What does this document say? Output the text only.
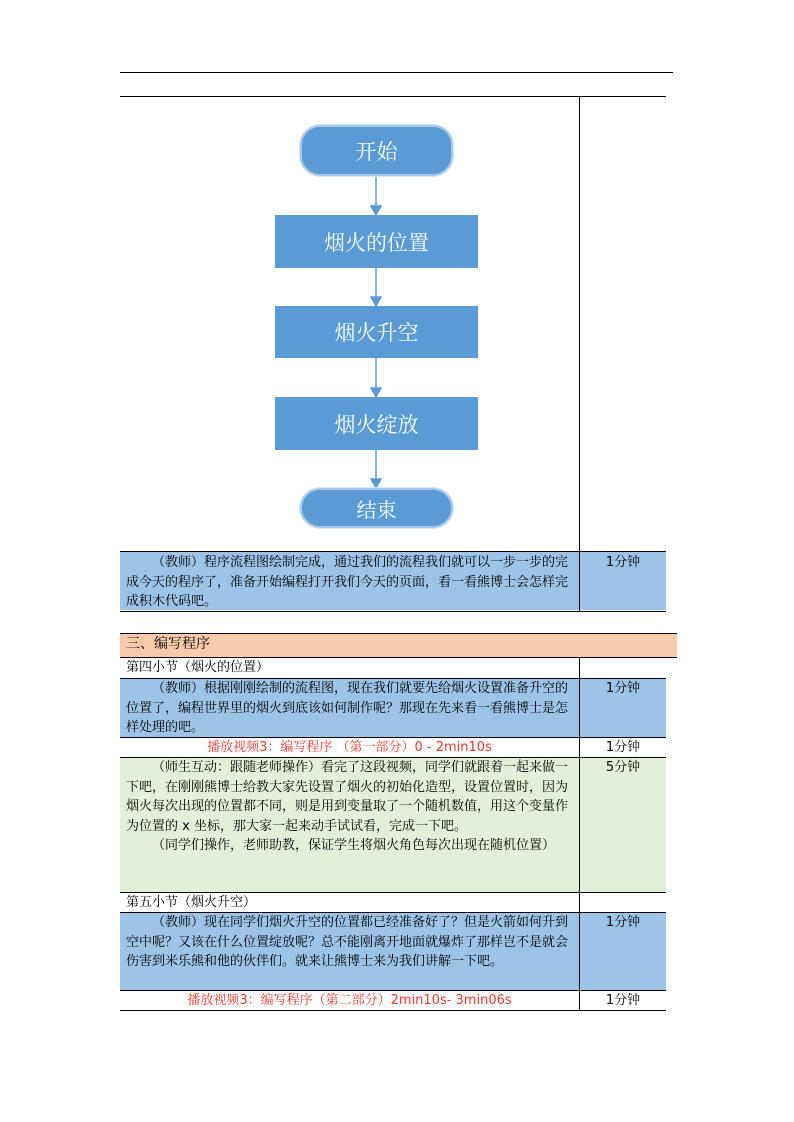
开始
烟火的位置
烟火升空
烟火绽放
结束
（教师）程序流程图绘制完成，通过我们的流程我们就可以一步一步的完成今天的程序了，准备开始编程打开我们今天的页面，看一看熊博士会怎样完成积木代码吧。
1分钟
三、编写程序
第四小节（烟火的位置）
（教师）根据刚刚绘制的流程图，现在我们就要先给烟火设置准备升空的位置了，编程世界里的烟火到底该如何制作呢？那现在先来看一看熊博士是怎样处理的吧。
1分钟
播放视频3：编写程序 （第一部分）0 - 2min10s	1分钟
（师生互动：跟随老师操作）看完了这段视频，同学们就跟着一起来做一下吧，在刚刚熊博士给教大家先设置了烟火的初始化造型，设置位置时，因为烟火每次出现的位置都不同，则是用到变量取了一个随机数值，用这个变量作为位置的 x 坐标，那大家一起来动手试试看，完成一下吧。
（同学们操作，老师助教，保证学生将烟火角色每次出现在随机位置）
5分钟
第五小节（烟火升空）
（教师）现在同学们烟火升空的位置都已经准备好了？但是火箭如何升到空中呢？又该在什么位置绽放呢？总不能刚离开地面就爆炸了那样岂不是就会伤害到米乐熊和他的伙伴们。就来让熊博士来为我们讲解一下吧。
1分钟
播放视频3：编写程序（第二部分）2min10s- 3min06s	1分钟
